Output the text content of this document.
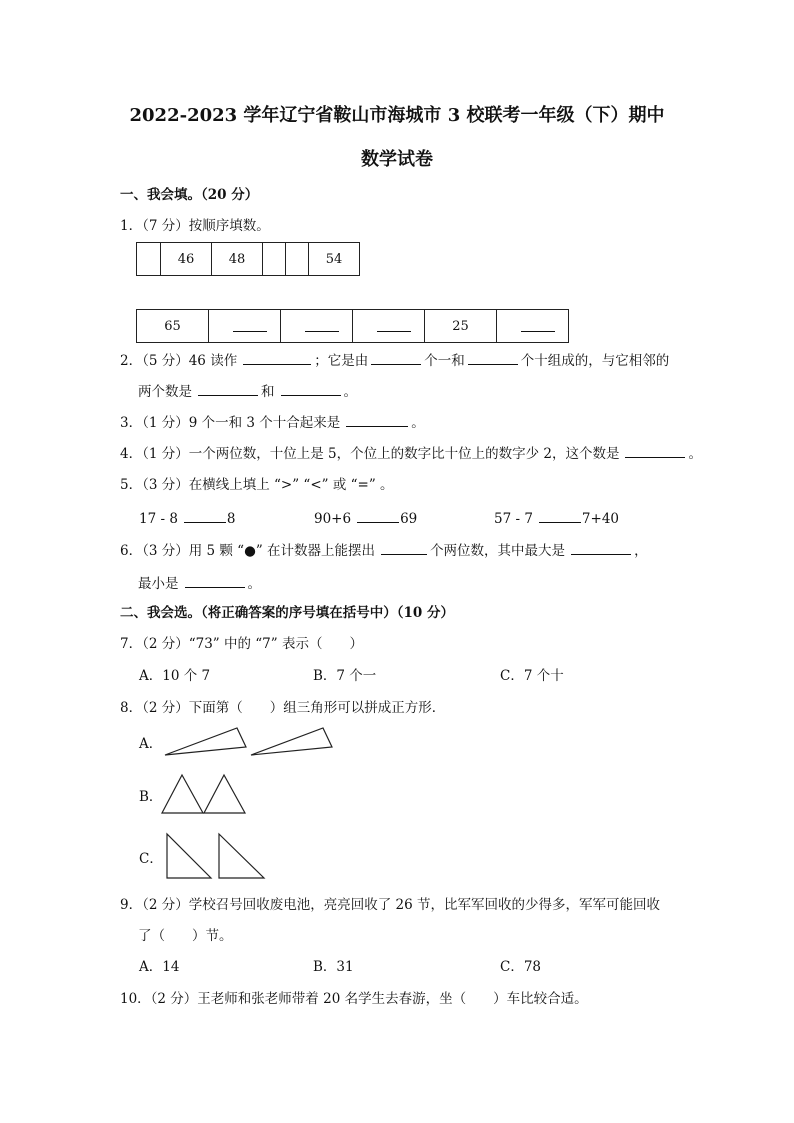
2022-2023 学年辽宁省鞍山市海城市 3 校联考一年级（下）期中
数学试卷
一、我会填。（20 分）
1．（7 分）按顺序填数。
	46	48			54
65				25	
2．（5 分）46 读作	；它是由	个一和	个十组成的，与它相邻的
两个数是	和	。
3．（1 分）9 个一和 3 个十合起来是	。
4．（1 分）一个两位数，十位上是 5，个位上的数字比十位上的数字少 2，这个数是	。
5．（3 分）在横线上填上 “>” “<” 或 “=” 。
17 - 8	8	90+6	69	57 - 7	7+40
6．（3 分）用 5 颗 “●” 在计数器上能摆出	个两位数，其中最大是	，
最小是	。
二、我会选。（将正确答案的序号填在括号中）（10 分）
7．（2 分）“73” 中的 “7” 表示（　　）
A．10 个 7	B．7 个一	C．7 个十
8．（2 分）下面第（　　）组三角形可以拼成正方形．
A．
B．
C．
9．（2 分）学校召号回收废电池，亮亮回收了 26 节，比军军回收的少得多，军军可能回收
了（　　）节。
A．14	B．31	C．78
10．（2 分）王老师和张老师带着 20 名学生去春游，坐（　　）车比较合适。
